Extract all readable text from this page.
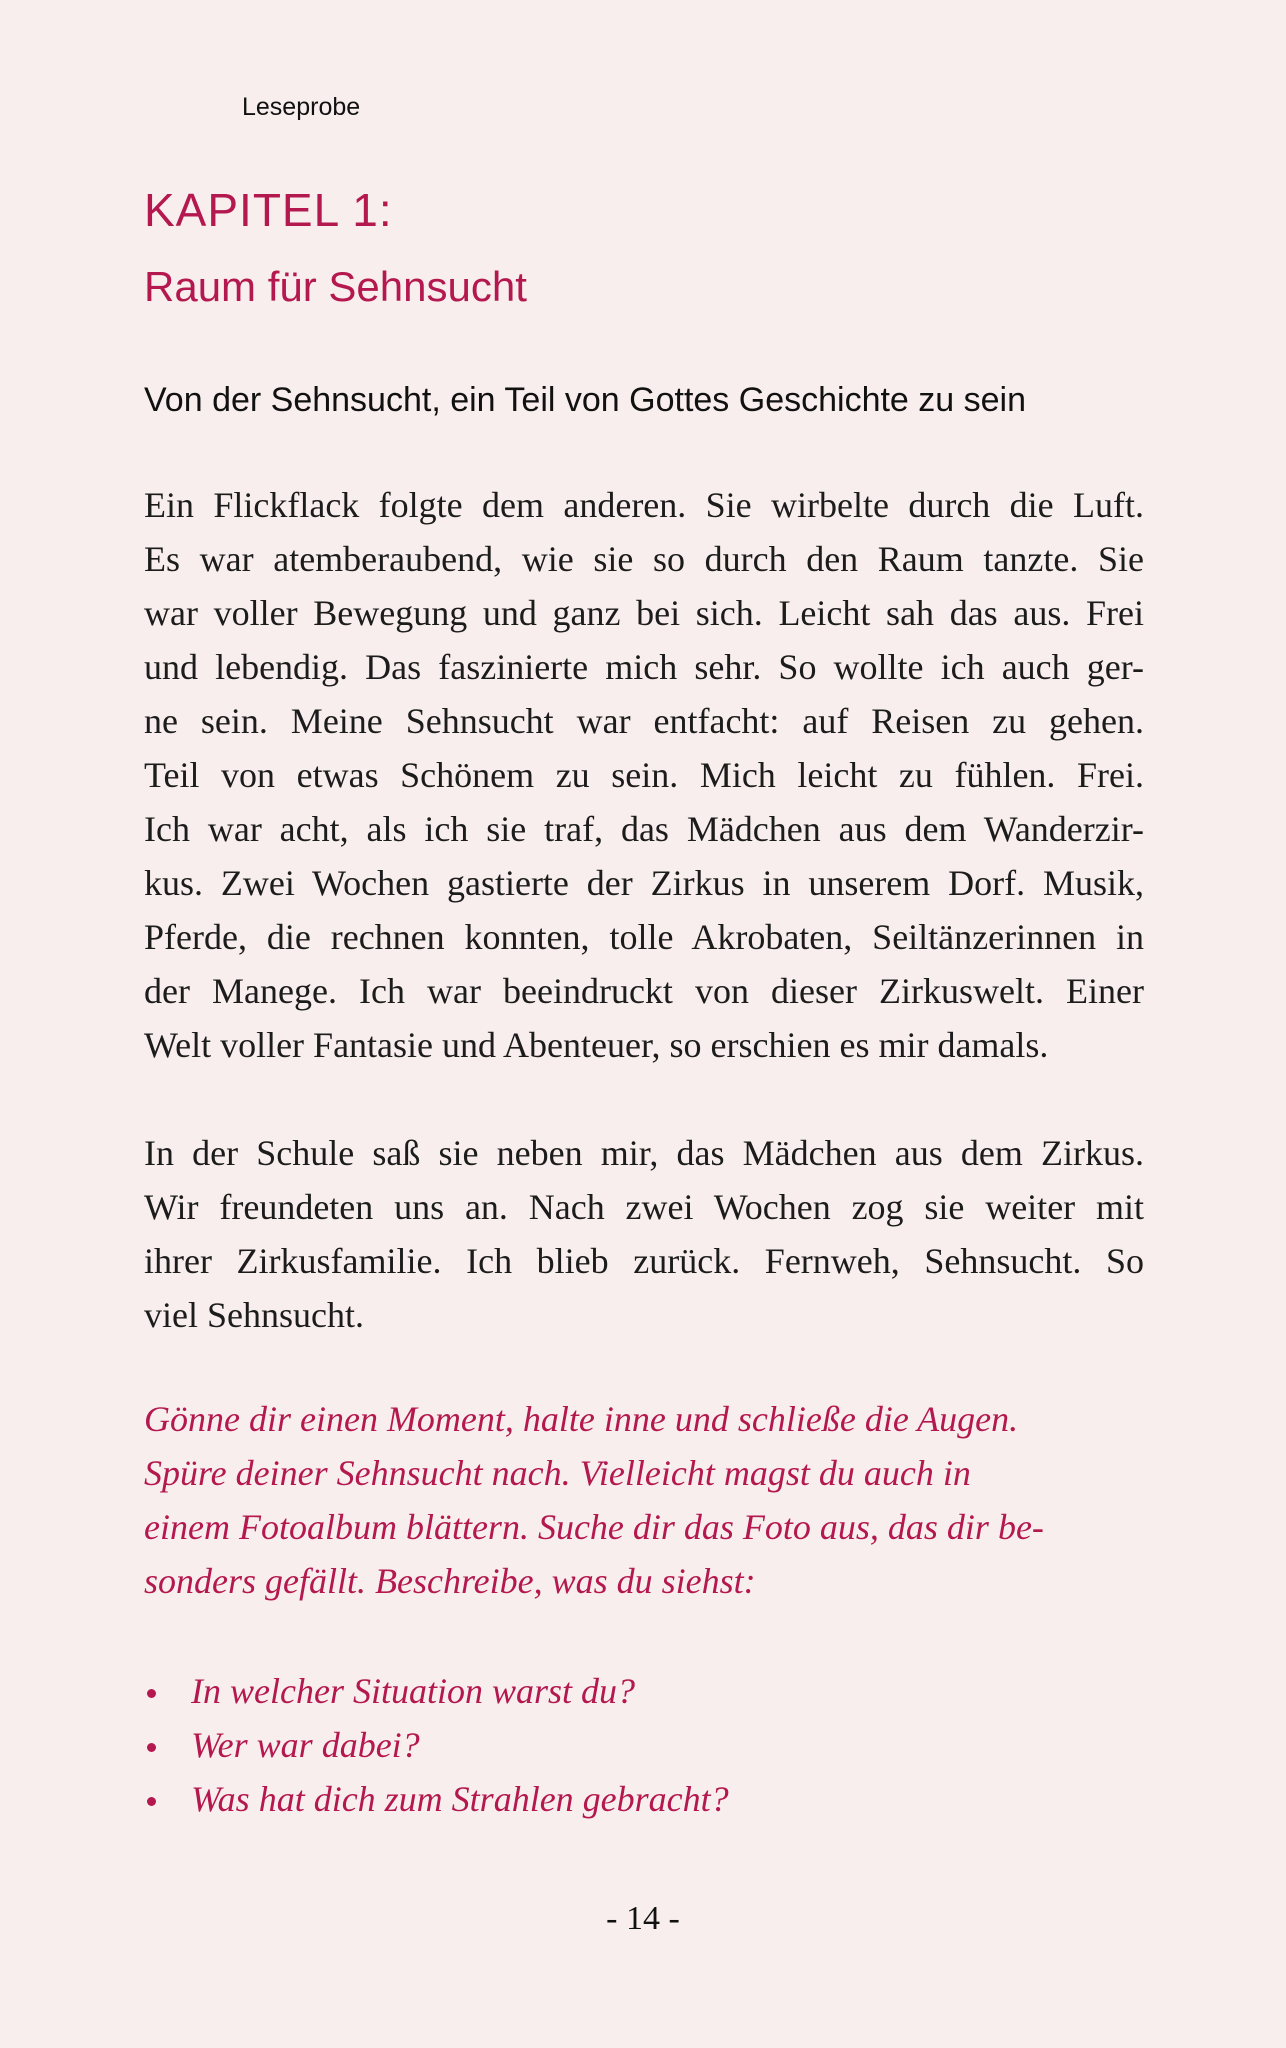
Leseprobe
KAPITEL 1:
Raum für Sehnsucht
Von der Sehnsucht, ein Teil von Gottes Geschichte zu sein
Ein Flickflack folgte dem anderen. Sie wirbelte durch die Luft.
Es war atemberaubend, wie sie so durch den Raum tanzte. Sie
war voller Bewegung und ganz bei sich. Leicht sah das aus. Frei
und lebendig. Das faszinierte mich sehr. So wollte ich auch ger-
ne sein. Meine Sehnsucht war entfacht: auf Reisen zu gehen.
Teil von etwas Schönem zu sein. Mich leicht zu fühlen. Frei.
Ich war acht, als ich sie traf, das Mädchen aus dem Wanderzir-
kus. Zwei Wochen gastierte der Zirkus in unserem Dorf. Musik,
Pferde, die rechnen konnten, tolle Akrobaten, Seiltänzerinnen in
der Manege. Ich war beeindruckt von dieser Zirkuswelt. Einer
Welt voller Fantasie und Abenteuer, so erschien es mir damals.
In der Schule saß sie neben mir, das Mädchen aus dem Zirkus.
Wir freundeten uns an. Nach zwei Wochen zog sie weiter mit
ihrer Zirkusfamilie. Ich blieb zurück. Fernweh, Sehnsucht. So
viel Sehnsucht.
Gönne dir einen Moment, halte inne und schließe die Augen.
Spüre deiner Sehnsucht nach. Vielleicht magst du auch in
einem Fotoalbum blättern. Suche dir das Foto aus, das dir be-
sonders gefällt. Beschreibe, was du siehst:
In welcher Situation warst du?
Wer war dabei?
Was hat dich zum Strahlen gebracht?
- 14 -
